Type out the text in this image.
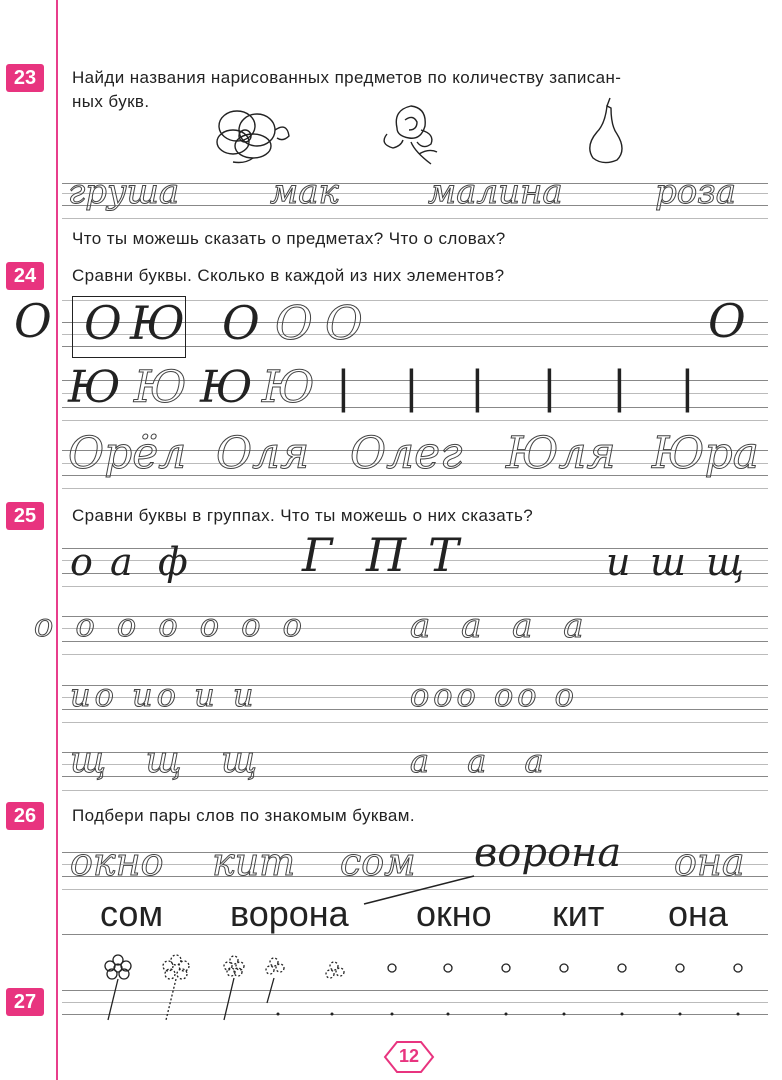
23	Найди названия нарисованных предметов по количеству записан-
ных букв.
груша	мак	малина	роза
Что ты можешь сказать о предметах? Что о словах?
24	Сравни буквы. Сколько в каждой из них элементов?
О О Ю О О О	О
Ю Ю Ю Ю | | | | | |
Орёл Оля Олег Юля Юра
25	Сравни буквы в группах. Что ты можешь о них сказать?
о а ф Г П Т	и ш щ
о о о о о о о	а а а а
ио ио и и	ооо оо о
щ щ щ	а а а
26	Подбери пары слов по знакомым буквам.
окно кит сом ворона она
сом ворона окно кит она
27
12
